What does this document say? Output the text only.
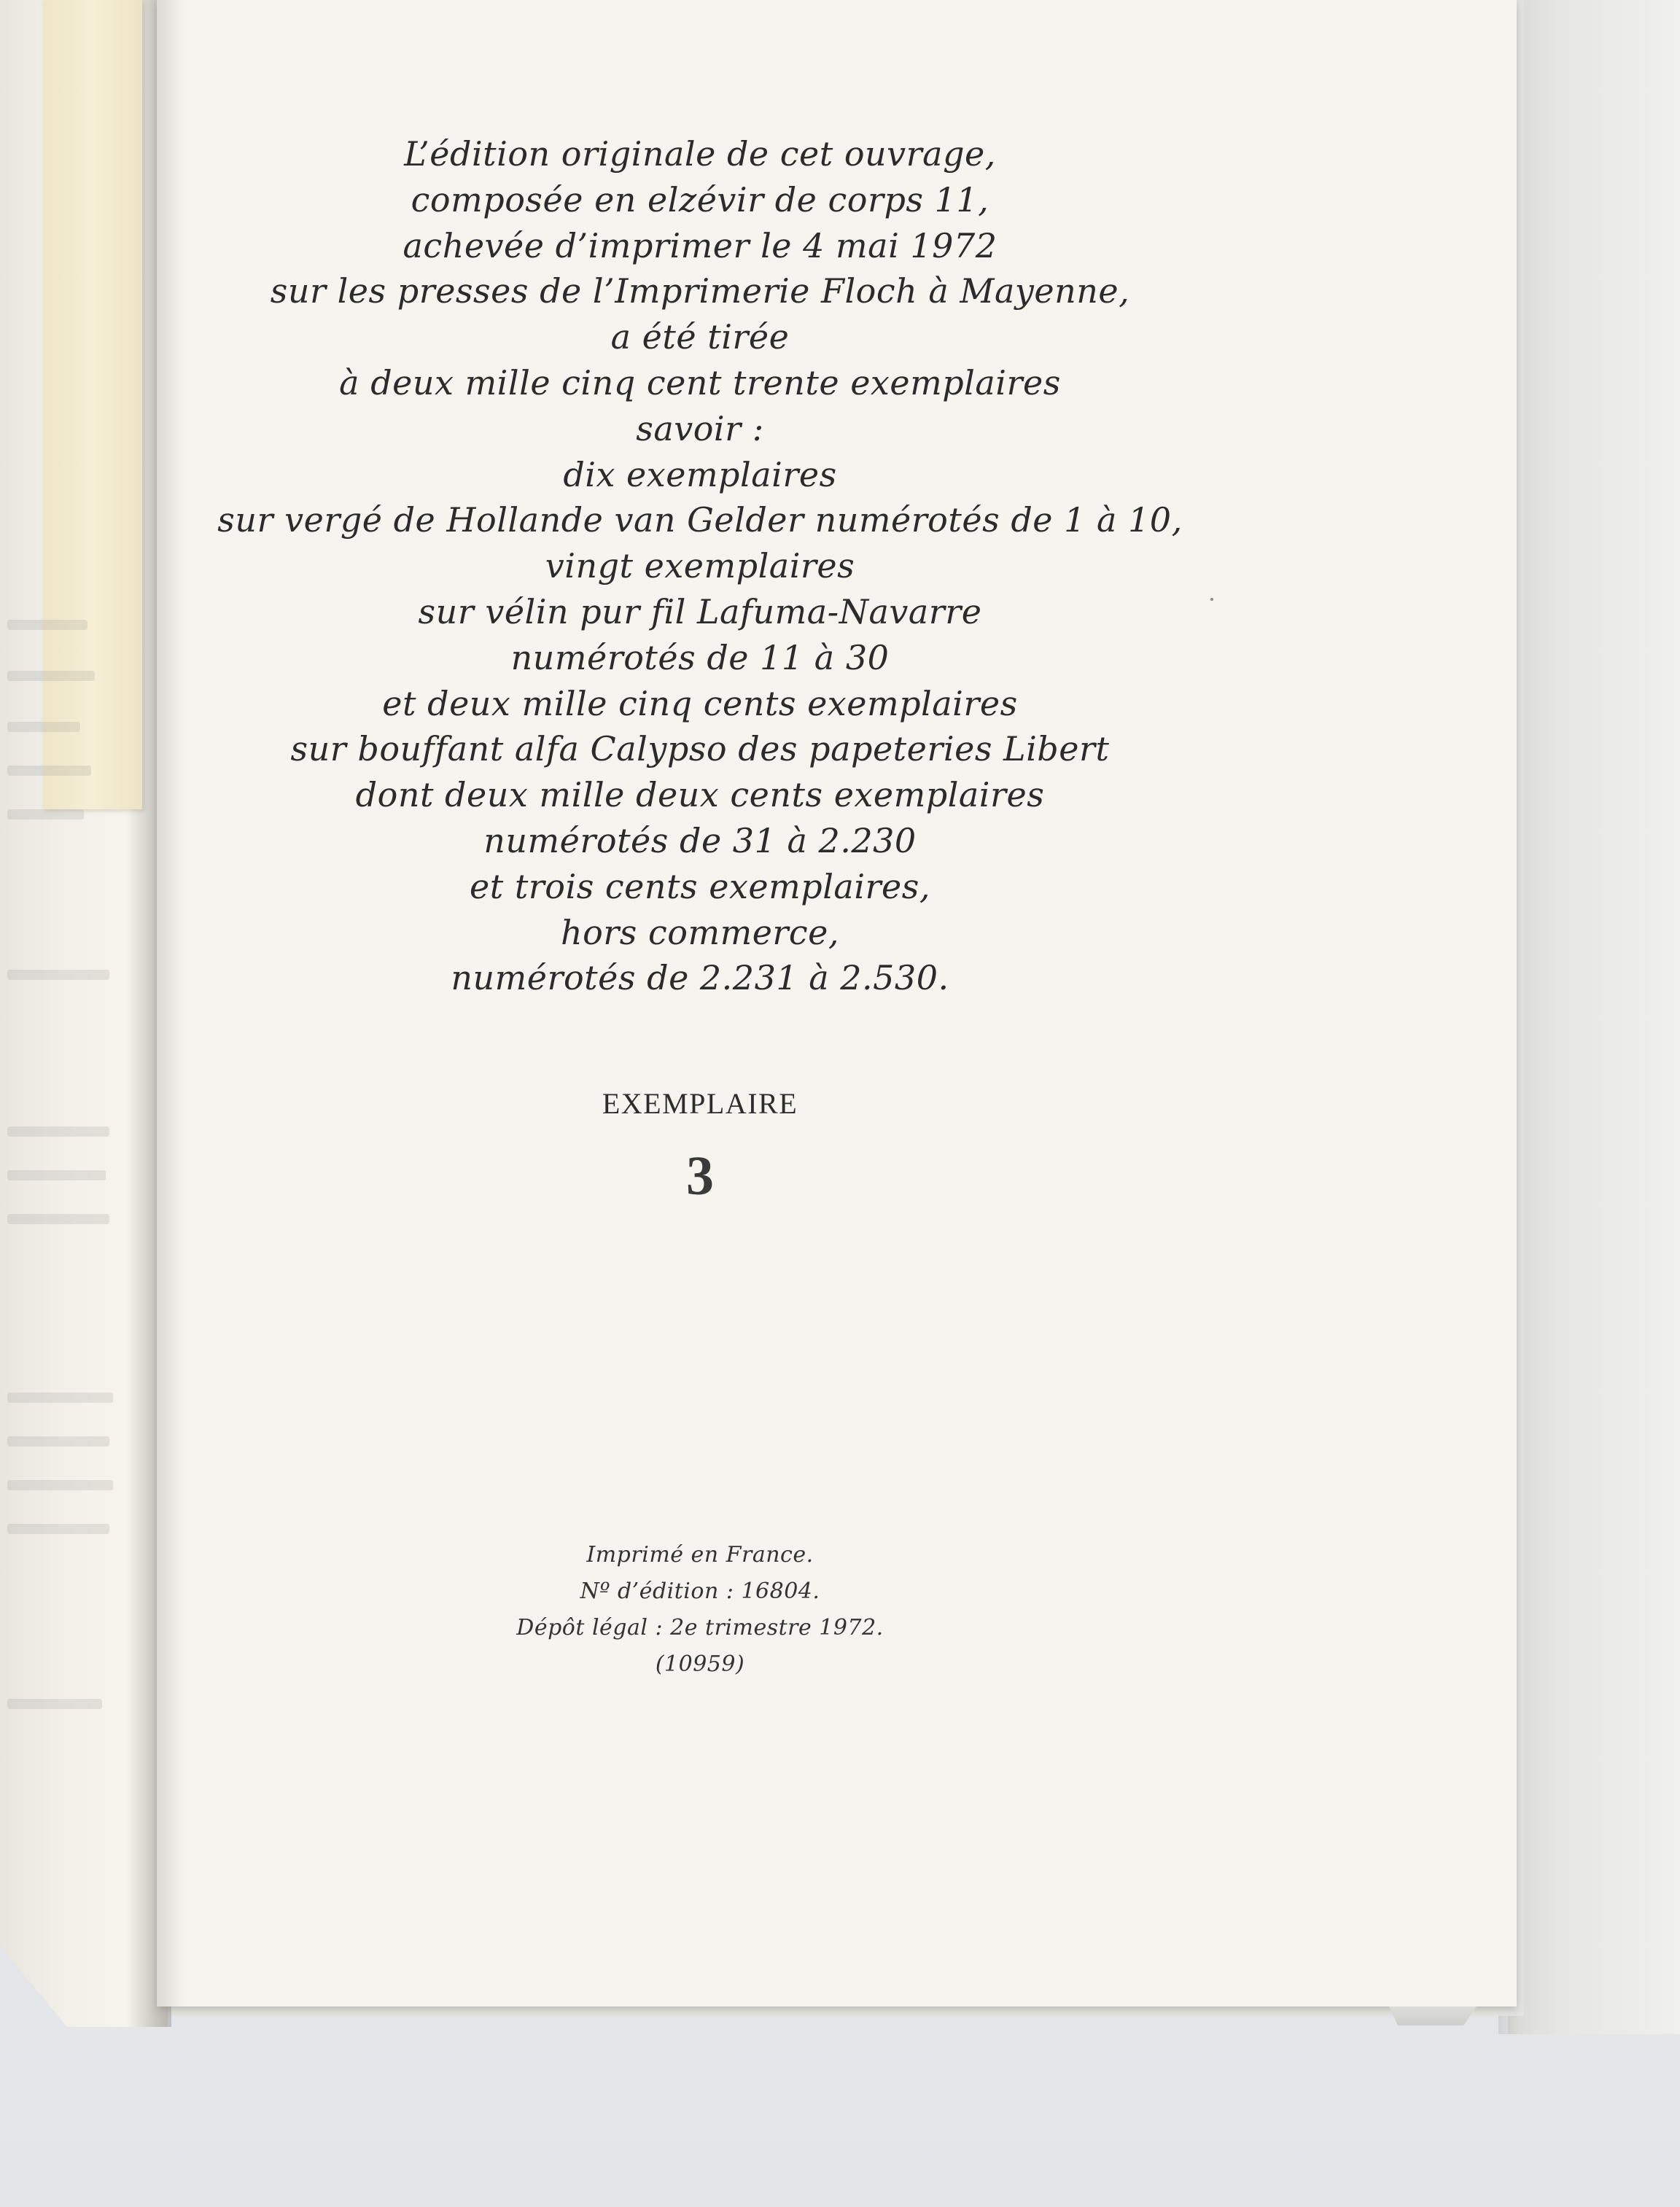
L’édition originale de cet ouvrage,
composée en elzévir de corps 11,
achevée d’imprimer le 4 mai 1972
sur les presses de l’Imprimerie Floch à Mayenne,
a été tirée
à deux mille cinq cent trente exemplaires
savoir :
dix exemplaires
sur vergé de Hollande van Gelder numérotés de 1 à 10,
vingt exemplaires
sur vélin pur fil Lafuma-Navarre
numérotés de 11 à 30
et deux mille cinq cents exemplaires
sur bouffant alfa Calypso des papeteries Libert
dont deux mille deux cents exemplaires
numérotés de 31 à 2.230
et trois cents exemplaires,
hors commerce,
numérotés de 2.231 à 2.530.
EXEMPLAIRE
3
Imprimé en France.
Nº d’édition : 16804.
Dépôt légal : 2e trimestre 1972.
(10959)
